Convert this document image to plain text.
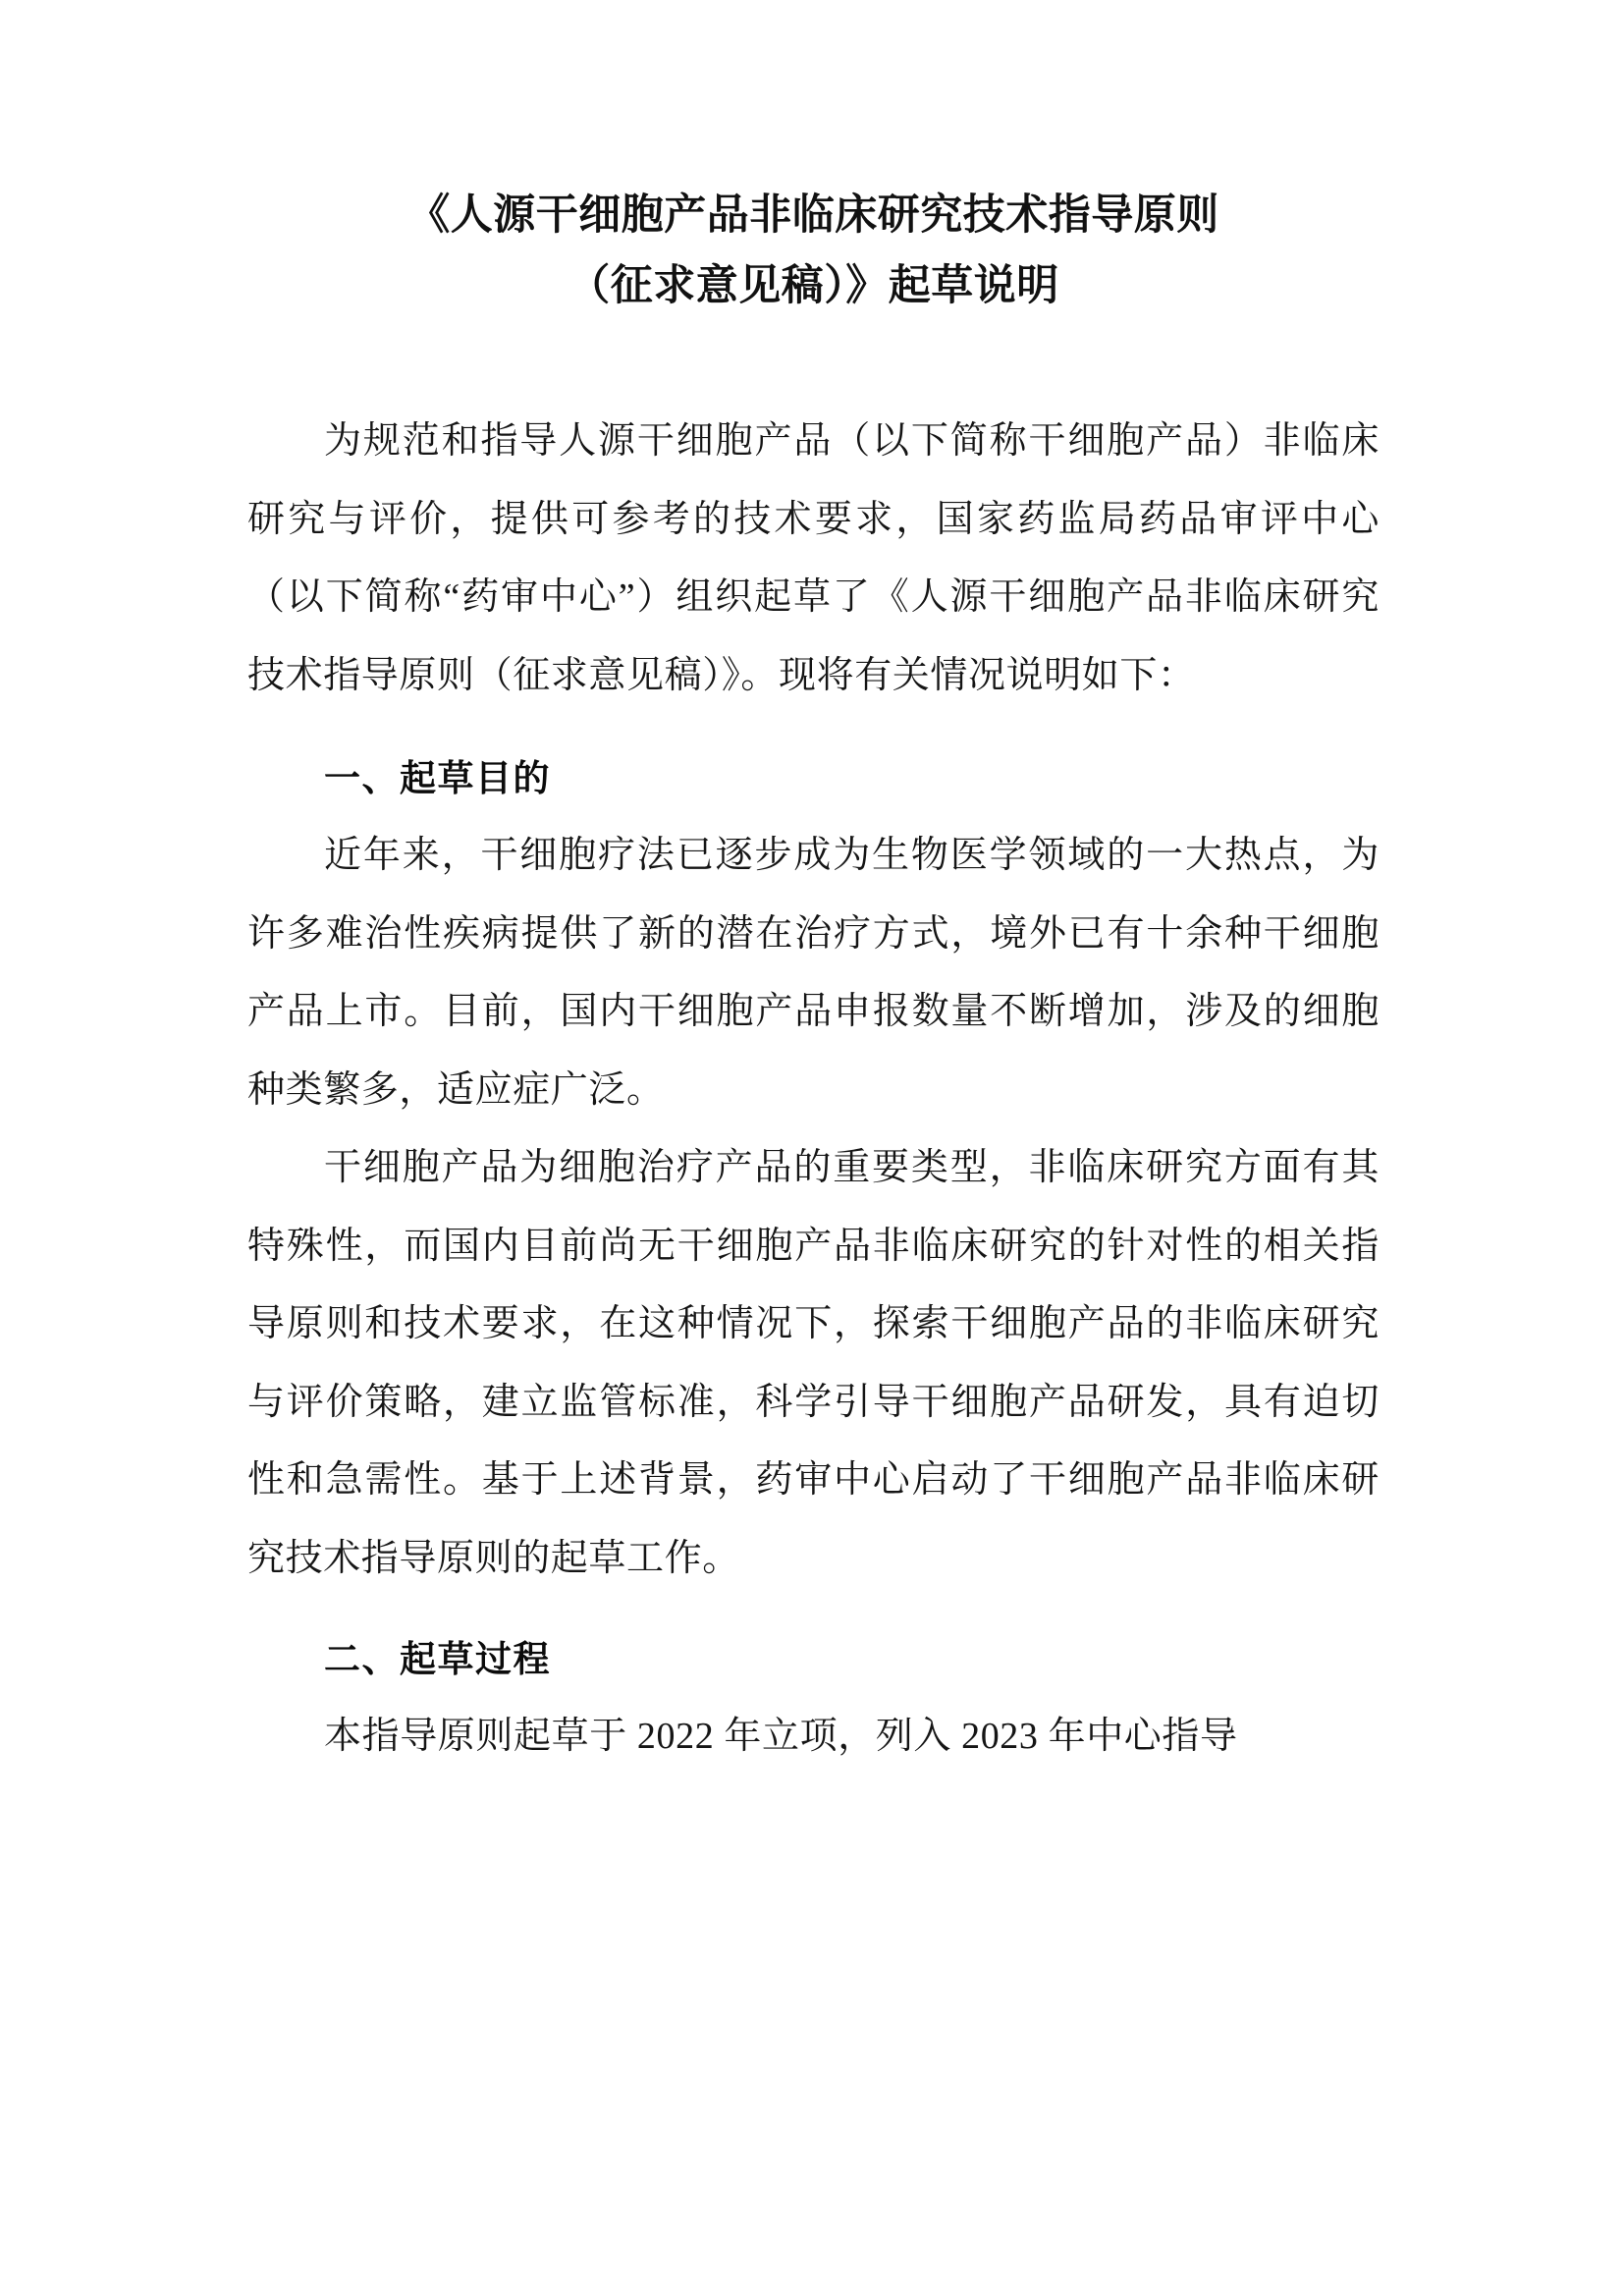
《人源干细胞产品非临床研究技术指导原则
（征求意见稿）》起草说明

为规范和指导人源干细胞产品（以下简称干细胞产品）非临床研究与评价，提供可参考的技术要求，国家药监局药品审评中心（以下简称“药审中心”）组织起草了《人源干细胞产品非临床研究技术指导原则（征求意见稿）》。现将有关情况说明如下：

一、起草目的

近年来，干细胞疗法已逐步成为生物医学领域的一大热点，为许多难治性疾病提供了新的潜在治疗方式，境外已有十余种干细胞产品上市。目前，国内干细胞产品申报数量不断增加，涉及的细胞种类繁多，适应症广泛。

干细胞产品为细胞治疗产品的重要类型，非临床研究方面有其特殊性，而国内目前尚无干细胞产品非临床研究的针对性的相关指导原则和技术要求，在这种情况下，探索干细胞产品的非临床研究与评价策略，建立监管标准，科学引导干细胞产品研发，具有迫切性和急需性。基于上述背景，药审中心启动了干细胞产品非临床研究技术指导原则的起草工作。

二、起草过程

本指导原则起草于 2022 年立项，列入 2023 年中心指导
